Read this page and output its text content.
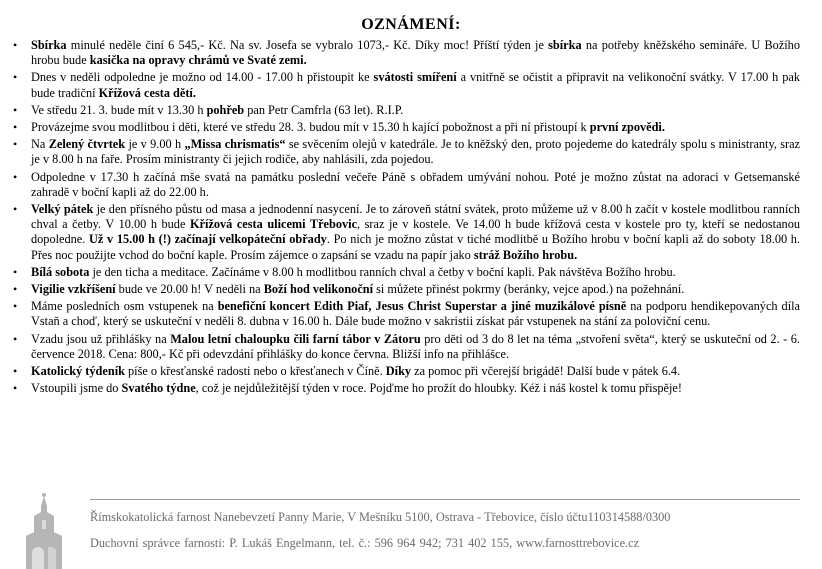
OZNÁMENÍ:
•	Sbírka minulé neděle činí 6 545,- Kč. Na sv. Josefa se vybralo 1073,- Kč. Díky moc! Příští týden je sbírka na potřeby kněžského semináře. U Božího hrobu bude kasička na opravy chrámů ve Svaté zemi.
•	Dnes v neděli odpoledne je možno od 14.00 - 17.00 h přistoupit ke svátosti smíření a vnitřně se očistit a připravit na velikonoční svátky. V 17.00 h pak bude tradiční Křížová cesta dětí.
•	Ve středu 21. 3. bude mít v 13.30 h pohřeb pan Petr Camfrla (63 let). R.I.P.
•	Provázejme svou modlitbou i děti, které ve středu 28. 3. budou mít v 15.30 h kající pobožnost a při ní přistoupí k první zpovědi.
•	Na Zelený čtvrtek je v 9.00 h „Missa chrismatis“ se svěcením olejů v katedrále. Je to kněžský den, proto pojedeme do katedrály spolu s ministranty, sraz je v 8.00 h na faře. Prosím ministranty či jejich rodiče, aby nahlásili, zda pojedou.
•	Odpoledne v 17.30 h začíná mše svatá na památku poslední večeře Páně s obřadem umývání nohou. Poté je možno zůstat na adoraci v Getsemanské zahradě v boční kapli až do 22.00 h.
•	Velký pátek je den přísného půstu od masa a jednodenní nasycení. Je to zároveň státní svátek, proto můžeme už v 8.00 h začít v kostele modlitbou ranních chval a četby. V 10.00 h bude Křížová cesta ulicemi Třebovic, sraz je v kostele. Ve 14.00 h bude křížová cesta v kostele pro ty, kteří se nedostanou dopoledne. Už v 15.00 h (!) začínají velkopáteční obřady. Po nich je možno zůstat v tiché modlitbě u Božího hrobu v boční kapli až do soboty 18.00 h. Přes noc použijte vchod do boční kaple. Prosím zájemce o zapsání se vzadu na papír jako stráž Božího hrobu.
•	Bílá sobota je den ticha a meditace. Začínáme v 8.00 h modlitbou ranních chval a četby v boční kapli. Pak návštěva Božího hrobu.
•	Vigilie vzkříšení bude ve 20.00 h! V neděli na Boží hod velikonoční si můžete přinést pokrmy (beránky, vejce apod.) na požehnání.
•	Máme posledních osm vstupenek na benefiční koncert Edith Piaf, Jesus Christ Superstar a jiné muzikálové písně na podporu hendikepovaných díla Vstaň a choď, který se uskuteční v neděli 8. dubna v 16.00 h. Dále bude možno v sakristii získat pár vstupenek na stání za poloviční cenu.
•	Vzadu jsou už přihlášky na Malou letní chaloupku čili farní tábor v Zátoru pro děti od 3 do 8 let na téma „stvoření světa“, který se uskuteční od 2. - 6. července 2018. Cena: 800,- Kč při odevzdání přihlášky do konce června. Bližší info na přihlášce.
•	Katolický týdeník píše o křesťanské radosti nebo o křesťanech v Číně. Díky za pomoc při včerejší brigádě! Další bude v pátek 6.4.
•	Vstoupili jsme do Svatého týdne, což je nejdůležitější týden v roce. Pojďme ho prožít do hloubky. Kéž i náš kostel k tomu přispěje!
Římskokatolická farnost Nanebevzetí Panny Marie, V Mešníku 5100, Ostrava - Třebovice, číslo účtu110314588/0300
Duchovní správce farnosti: P. Lukáš Engelmann, tel. č.: 596 964 942; 731 402 155, www.farnosttrebovice.cz
